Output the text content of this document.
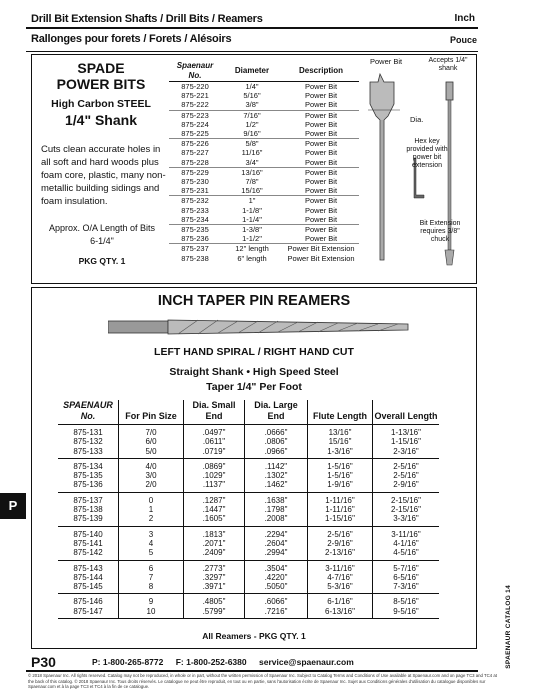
Drill Bit Extension Shafts / Drill Bits / Reamers	Inch
Rallonges pour forets / Forets / Alésoirs	Pouce
SPADE
POWER BITS
High Carbon STEEL
1/4" Shank
Cuts clean accurate holes in all soft and hard woods plus foam core, plastic, many non-metallic building sidings and foam insulation.
Approx. O/A Length of Bits
6-1/4"
PKG QTY. 1
Spaenaur
No.	Diameter	Description
875-220	1/4"	Power Bit
875-221	5/16"	Power Bit
875-222	3/8"	Power Bit
875-223	7/16"	Power Bit
875-224	1/2"	Power Bit
875-225	9/16"	Power Bit
875-226	5/8"	Power Bit
875-227	11/16"	Power Bit
875-228	3/4"	Power Bit
875-229	13/16"	Power Bit
875-230	7/8"	Power Bit
875-231	15/16"	Power Bit
875-232	1"	Power Bit
875-233	1-1/8"	Power Bit
875-234	1-1/4"	Power Bit
875-235	1-3/8"	Power Bit
875-236	1-1/2"	Power Bit
875-237	12" length	Power Bit Extension
875-238	6" length	Power Bit Extension
Power Bit	Accepts 1/4" shank
Dia.
Hex key provided with power bit extension
Bit Extension requires 3/8" chuck
INCH TAPER PIN REAMERS
LEFT HAND SPIRAL / RIGHT HAND CUT
Straight Shank • High Speed Steel
Taper 1/4" Per Foot
SPAENAUR No.	For Pin Size	Dia. Small End	Dia. Large End	Flute Length	Overall Length
875-131	7/0	.0497"	.0666"	13/16"	1-13/16"
875-132	6/0	.0611"	.0806"	15/16"	1-15/16"
875-133	5/0	.0719"	.0966"	1-3/16"	2-3/16"
875-134	4/0	.0869"	.1142"	1-5/16"	2-5/16"
875-135	3/0	.1029"	.1302"	1-5/16"	2-5/16"
875-136	2/0	.1137"	.1462"	1-9/16"	2-9/16"
875-137	0	.1287"	.1638"	1-11/16"	2-15/16"
875-138	1	.1447"	.1798"	1-11/16"	2-15/16"
875-139	2	.1605"	.2008"	1-15/16"	3-3/16"
875-140	3	.1813"	.2294"	2-5/16"	3-11/16"
875-141	4	.2071"	.2604"	2-9/16"	4-1/16"
875-142	5	.2409"	.2994"	2-13/16"	4-5/16"
875-143	6	.2773"	.3504"	3-11/16"	5-7/16"
875-144	7	.3297"	.4220"	4-7/16"	6-5/16"
875-145	8	.3971"	.5050"	5-3/16"	7-3/16"
875-146	9	.4805"	.6066"	6-1/16"	8-5/16"
875-147	10	.5799"	.7216"	6-13/16"	9-5/16"
All Reamers - PKG QTY. 1
P
SPAENAUR CATALOG 14
P30	P: 1-800-265-8772 F: 1-800-252-6380 service@spaenaur.com
© 2018 Spaenaur Inc. All rights reserved. Catalog may not be reproduced, in whole or in part, without the written permission of Spaenaur Inc. Subject to Catalog Terms and Conditions of Use available at Spaenaur.com and on page TC3 and TC4 at the back of this catalog. © 2018 Spaenaur Inc. Tous droits réservés. Le catalogue ne peut être reproduit, en tout ou en partie, sans l'autorisation écrite de Spaenaur Inc. Sujet aux Conditions générales d'utilisation du catalogue disponibles sur Spaenaur.com et à la page TC3 et TC4 à la fin de ce catalogue.
